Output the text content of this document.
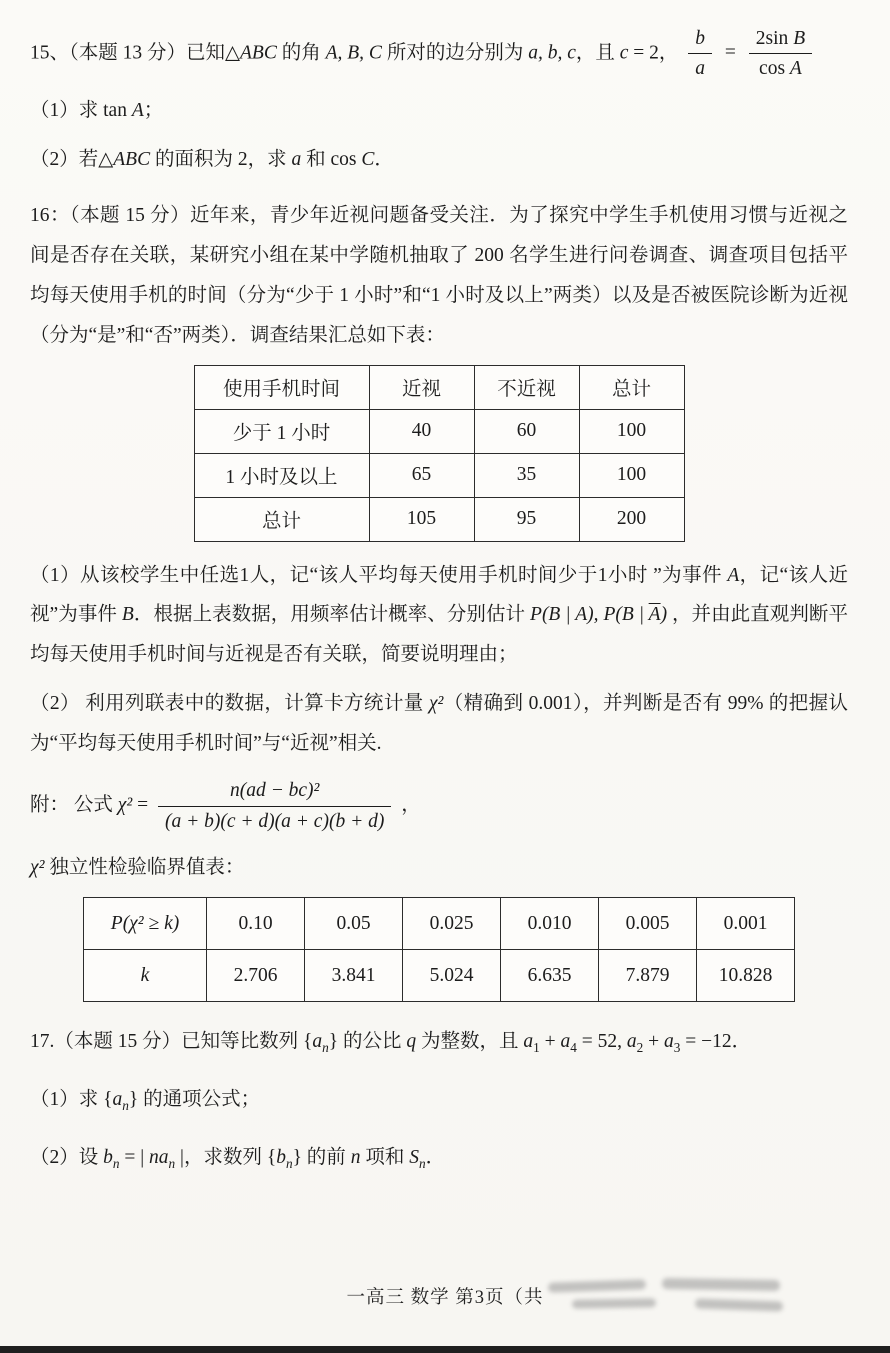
15、（本题 13 分）已知△ABC 的角 A, B, C 所对的边分别为 a, b, c，且 c = 2， $\frac{b}{a} = \frac{\text{2sin B}}{\text{cos A}}$

（1）求 tan A；

（2）若△ABC 的面积为 2，求 a 和 cos C．

16：（本题 15 分）近年来，青少年近视问题备受关注．为了探究中学生手机使用习惯与近视之间是否存在关联，某研究小组在某中学随机抽取了 200 名学生进行问卷调查、调查项目包括平均每天使用手机的时间（分为“少于 1 小时”和“1 小时及以上”两类）以及是否被医院诊断为近视（分为“是”和“否”两类）．调查结果汇总如下表：

使用手机时间	近视	不近视	总计
少于 1 小时	40	60	100
1 小时及以上	65	35	100
总计	105	95	200

（1）从该校学生中任选1人，记“该人平均每天使用手机时间少于1小时 ”为事件 A，记“该人近视”为事件 B．根据上表数据，用频率估计概率、分别估计 P(B | A), P(B | $\overline{A}$) ，并由此直观判断平均每天使用手机时间与近视是否有关联，简要说明理由；

（2） 利用列联表中的数据，计算卡方统计量 χ²（精确到 0.001），并判断是否有 99% 的把握认为“平均每天使用手机时间”与“近视”相关.

附： 公式 $\chi^2 = \frac{\text{n(ad − bc)²}}{(a + b)(c + d)(a + c)(b + d)}$ ，

χ² 独立性检验临界值表：

P(χ² ≥ k)	0.10	0.05	0.025	0.010	0.005	0.001
k	2.706	3.841	5.024	6.635	7.879	10.828

17.（本题 15 分）已知等比数列 $\{a_n\}$ 的公比 q 为整数，且 $a_1 + a_4 = 52$, $a_2 + a_3 = -12$．

（1）求 $\{a_n\}$ 的通项公式；

（2）设 $b_n$ = | $na_n$ |，求数列 $\{b_n\}$ 的前 n 项和 $S_n$．

一高三 数学 第3页（共
